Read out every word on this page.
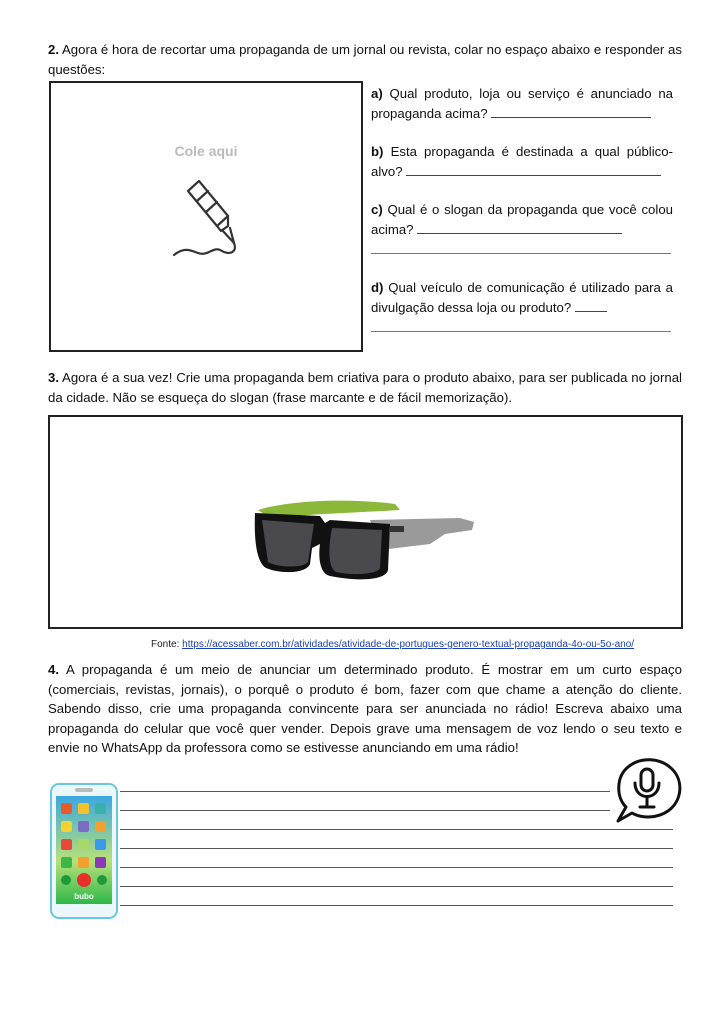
2. Agora é hora de recortar uma propaganda de um jornal ou revista, colar no espaço abaixo e responder as questões:
Cole aqui
a) Qual produto, loja ou serviço é anunciado na propaganda acima?
b) Esta propaganda é destinada a qual público-alvo?
c) Qual é o slogan da propaganda que você colou acima?
d) Qual veículo de comunicação é utilizado para a divulgação dessa loja ou produto?
3. Agora é a sua vez! Crie uma propaganda bem criativa para o produto abaixo, para ser publicada no jornal da cidade. Não se esqueça do slogan (frase marcante e de fácil memorização).
Fonte: https://acessaber.com.br/atividades/atividade-de-portugues-genero-textual-propaganda-4o-ou-5o-ano/
4. A propaganda é um meio de anunciar um determinado produto. É mostrar em um curto espaço (comerciais, revistas, jornais), o porquê o produto é bom, fazer com que chame a atenção do cliente. Sabendo disso, crie uma propaganda convincente para ser anunciada no rádio! Escreva abaixo uma propaganda do celular que você quer vender. Depois grave uma mensagem de voz lendo o seu texto e envie no WhatsApp da professora como se estivesse anunciando em uma rádio!
bubo
